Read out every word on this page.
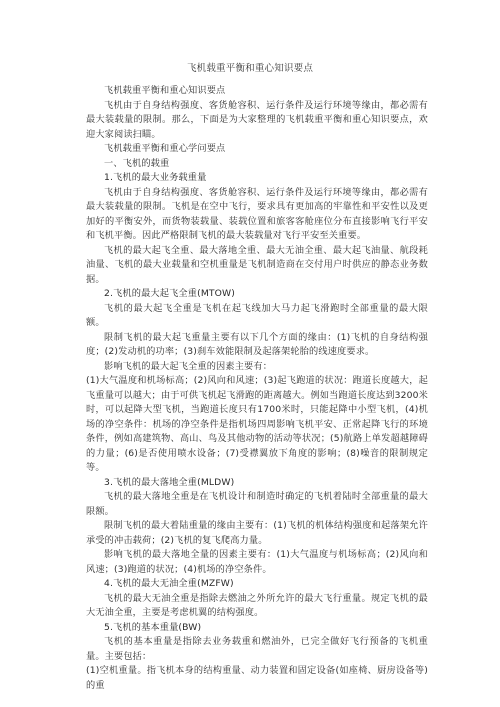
飞机载重平衡和重心知识要点

飞机载重平衡和重心知识要点

飞机由于自身结构强度、客货舱容积、运行条件及运行环境等缘由，都必需有最大装载量的限制。那么，下面是为大家整理的飞机载重平衡和重心知识要点，欢迎大家阅读扫瞄。

飞机载重平衡和重心学问要点

一、飞机的载重

1.飞机的最大业务载重量

飞机由于自身结构强度、客货舱容积、运行条件及运行环境等缘由，都必需有最大装载量的限制。飞机是在空中飞行，要求具有更加高的牢靠性和平安性以及更加好的平衡安外，而货物装载量、装载位置和旅客客舱座位分布直接影响飞行平安和飞机平衡。因此严格限制飞机的最大装载量对飞行平安至关重要。

飞机的最大起飞全重、最大落地全重、最大无油全重、最大起飞油量、航段耗油量、飞机的最大业载量和空机重量是飞机制造商在交付用户时供应的静态业务数据。

2.飞机的最大起飞全重(MTOW)

飞机的最大起飞全重是飞机在起飞线加大马力起飞滑跑时全部重量的最大限额。

限制飞机的最大起飞重量主要有以下几个方面的缘由：(1)飞机的自身结构强度；(2)发动机的功率；(3)刹车效能限制及起落架轮胎的线速度要求。

影响飞机的最大起飞全重的因素主要有：

(1)大气温度和机场标高；(2)风向和风速；(3)起飞跑道的状况：跑道长度越大，起飞重量可以越大；由于可供飞机起飞滑跑的距离越大。例如当跑道长度达到3200米时，可以起降大型飞机，当跑道长度只有1700米时，只能起降中小型飞机，(4)机场的净空条件：机场的净空条件是指机场四周影响飞机平安、正常起降飞行的环境条件，例如高建筑物、高山、鸟及其他动物的活动等状况；(5)航路上单发超越障碍的力量；(6)是否使用喷水设备；(7)受襟翼放下角度的影响；(8)噪音的限制规定等。

3.飞机的最大落地全重(MLDW)

飞机的最大落地全重是在飞机设计和制造时确定的飞机着陆时全部重量的最大限额。

限制飞机的最大着陆重量的缘由主要有：(1)飞机的机体结构强度和起落架允许承受的冲击载荷；(2)飞机的复飞爬高力量。

影响飞机的最大落地全量的因素主要有：(1)大气温度与机场标高；(2)风向和风速；(3)跑道的状况；(4)机场的净空条件。

4.飞机的最大无油全重(MZFW)

飞机的最大无油全重是指除去燃油之外所允许的最大飞行重量。规定飞机的最大无油全重，主要是考虑机翼的结构强度。

5.飞机的基本重量(BW)

飞机的基本重量是指除去业务载重和燃油外，已完全做好飞行预备的飞机重量。主要包括：

(1)空机重量。指飞机本身的结构重量、动力装置和固定设备(如座椅、厨房设备等)的重
